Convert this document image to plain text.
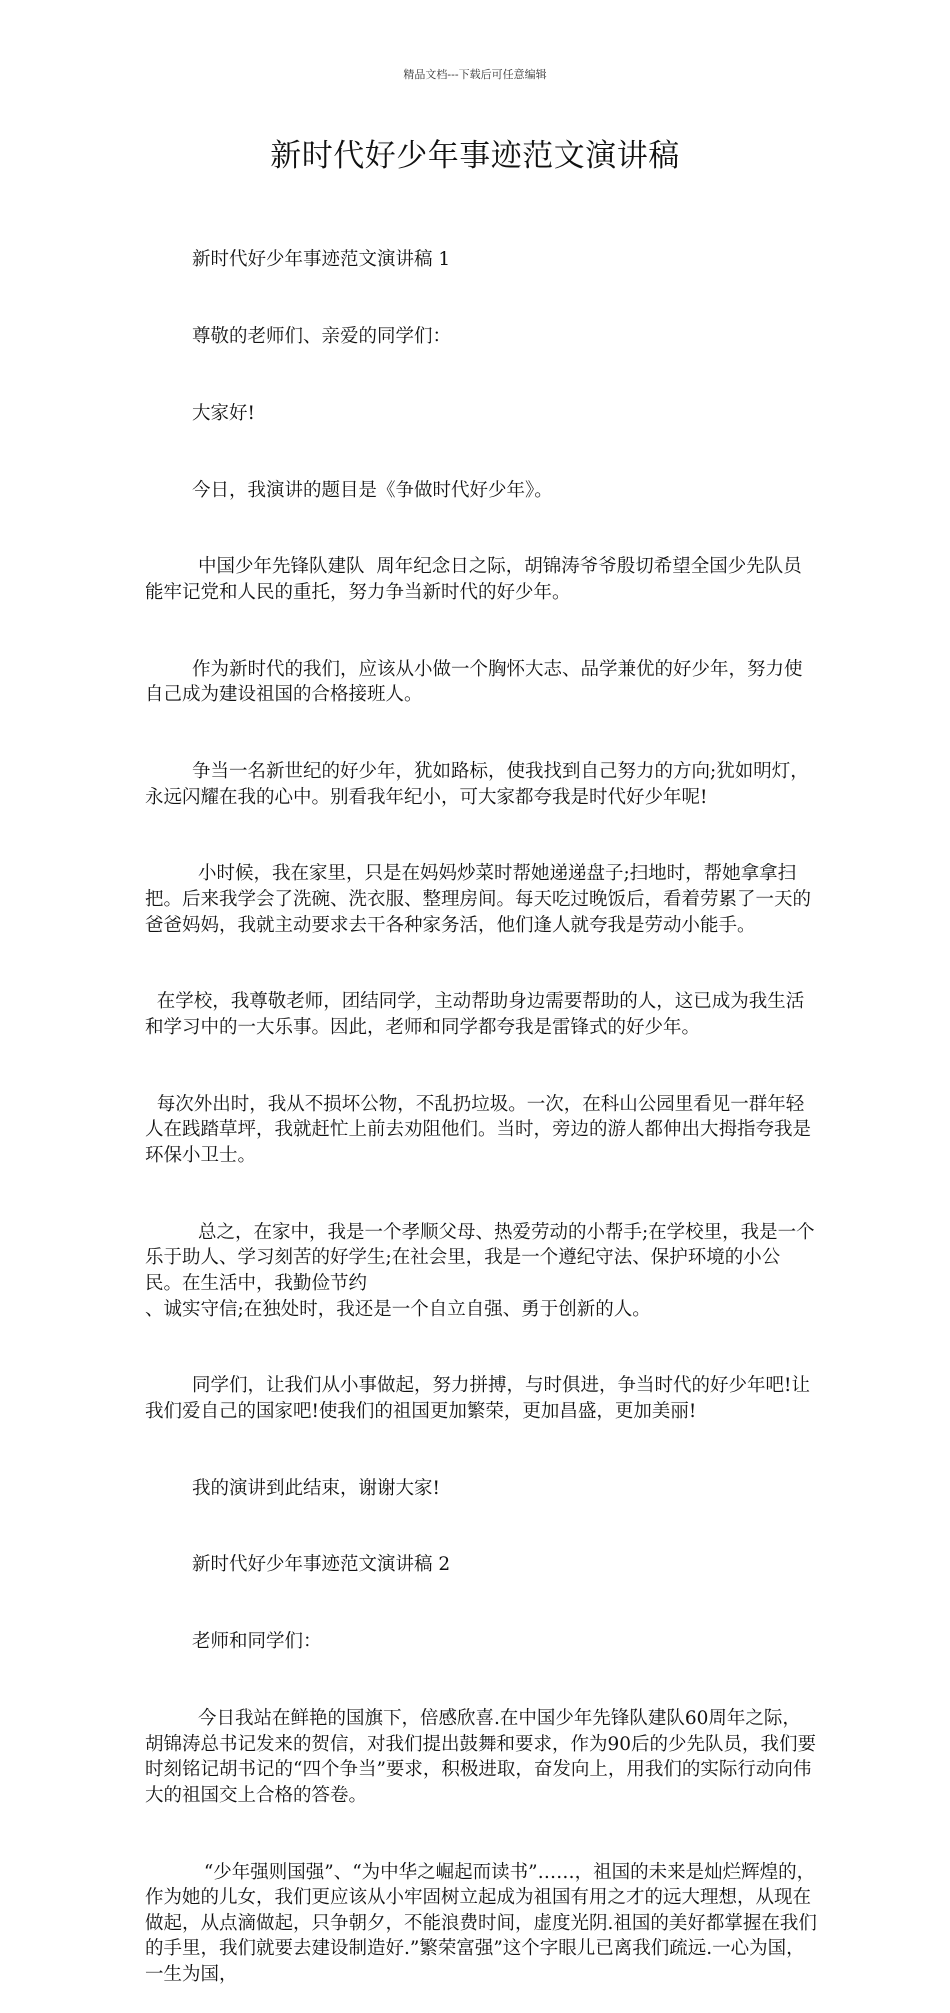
精品文档---下载后可任意编辑
新时代好少年事迹范文演讲稿

新时代好少年事迹范文演讲稿 1

尊敬的老师们、亲爱的同学们：

大家好!

今日，我演讲的题目是《争做时代好少年》。

中国少年先锋队建队  周年纪念日之际，胡锦涛爷爷殷切希望全国少先队员能牢记党和人民的重托，努力争当新时代的好少年。

作为新时代的我们，应该从小做一个胸怀大志、品学兼优的好少年，努力使自己成为建设祖国的合格接班人。

争当一名新世纪的好少年，犹如路标，使我找到自己努力的方向;犹如明灯，永远闪耀在我的心中。别看我年纪小，可大家都夸我是时代好少年呢!

小时候，我在家里，只是在妈妈炒菜时帮她递递盘子;扫地时，帮她拿拿扫把。后来我学会了洗碗、洗衣服、整理房间。每天吃过晚饭后，看着劳累了一天的爸爸妈妈，我就主动要求去干各种家务活，他们逢人就夸我是劳动小能手。

在学校，我尊敬老师，团结同学，主动帮助身边需要帮助的人，这已成为我生活和学习中的一大乐事。因此，老师和同学都夸我是雷锋式的好少年。

每次外出时，我从不损坏公物，不乱扔垃圾。一次，在科山公园里看见一群年轻人在践踏草坪，我就赶忙上前去劝阻他们。当时，旁边的游人都伸出大拇指夸我是环保小卫士。

总之，在家中，我是一个孝顺父母、热爱劳动的小帮手;在学校里，我是一个乐于助人、学习刻苦的好学生;在社会里，我是一个遵纪守法、保护环境的小公民。在生活中，我勤俭节约
、诚实守信;在独处时，我还是一个自立自强、勇于创新的人。

同学们，让我们从小事做起，努力拼搏，与时俱进，争当时代的好少年吧!让我们爱自己的国家吧!使我们的祖国更加繁荣，更加昌盛，更加美丽!

我的演讲到此结束，谢谢大家!

新时代好少年事迹范文演讲稿 2

老师和同学们：

今日我站在鲜艳的国旗下，倍感欣喜.在中国少年先锋队建队60周年之际，胡锦涛总书记发来的贺信，对我们提出鼓舞和要求，作为90后的少先队员，我们要时刻铭记胡书记的“四个争当”要求，积极进取，奋发向上，用我们的实际行动向伟大的祖国交上合格的答卷。

“少年强则国强”、“为中华之崛起而读书”……，祖国的未来是灿烂辉煌的，作为她的儿女，我们更应该从小牢固树立起成为祖国有用之才的远大理想，从现在做起，从点滴做起，只争朝夕，不能浪费时间，虚度光阴.祖国的美好都掌握在我们的手里，我们就要去建设制造好.”繁荣富强”这个字眼儿已离我们疏远.一心为国，一生为国，
